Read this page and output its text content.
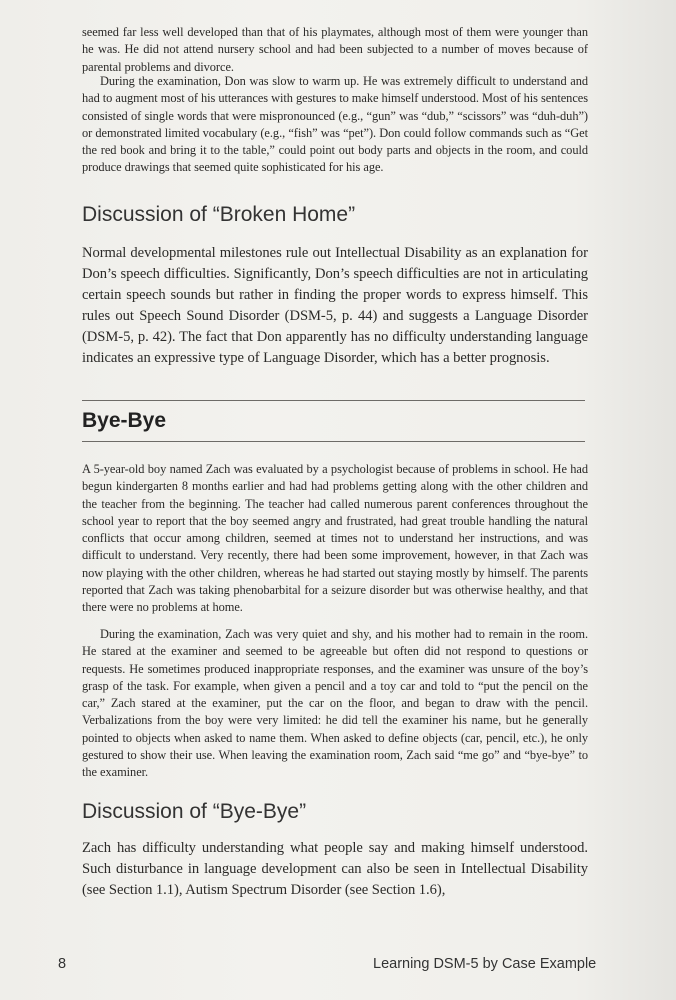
seemed far less well developed than that of his playmates, although most of them were younger than he was. He did not attend nursery school and had been subjected to a number of moves because of parental problems and divorce.

During the examination, Don was slow to warm up. He was extremely difficult to understand and had to augment most of his utterances with gestures to make himself understood. Most of his sentences consisted of single words that were mispronounced (e.g., “gun” was “dub,” “scissors” was “duh-duh”) or demonstrated limited vocabulary (e.g., “fish” was “pet”). Don could follow commands such as “Get the red book and bring it to the table,” could point out body parts and objects in the room, and could produce drawings that seemed quite sophisticated for his age.

Discussion of “Broken Home”

Normal developmental milestones rule out Intellectual Disability as an explanation for Don’s speech difficulties. Significantly, Don’s speech difficulties are not in articulating certain speech sounds but rather in finding the proper words to express himself. This rules out Speech Sound Disorder (DSM-5, p. 44) and suggests a Language Disorder (DSM-5, p. 42). The fact that Don apparently has no difficulty understanding language indicates an expressive type of Language Disorder, which has a better prognosis.

Bye-Bye

A 5-year-old boy named Zach was evaluated by a psychologist because of problems in school. He had begun kindergarten 8 months earlier and had had problems getting along with the other children and the teacher from the beginning. The teacher had called numerous parent conferences throughout the school year to report that the boy seemed angry and frustrated, had great trouble handling the natural conflicts that occur among children, seemed at times not to understand her instructions, and was difficult to understand. Very recently, there had been some improvement, however, in that Zach was now playing with the other children, whereas he had started out staying mostly by himself. The parents reported that Zach was taking phenobarbital for a seizure disorder but was otherwise healthy, and that there were no problems at home.

During the examination, Zach was very quiet and shy, and his mother had to remain in the room. He stared at the examiner and seemed to be agreeable but often did not respond to questions or requests. He sometimes produced inappropriate responses, and the examiner was unsure of the boy’s grasp of the task. For example, when given a pencil and a toy car and told to “put the pencil on the car,” Zach stared at the examiner, put the car on the floor, and began to draw with the pencil. Verbalizations from the boy were very limited: he did tell the examiner his name, but he generally pointed to objects when asked to name them. When asked to define objects (car, pencil, etc.), he only gestured to show their use. When leaving the examination room, Zach said “me go” and “bye-bye” to the examiner.

Discussion of “Bye-Bye”

Zach has difficulty understanding what people say and making himself understood. Such disturbance in language development can also be seen in Intellectual Disability (see Section 1.1), Autism Spectrum Disorder (see Section 1.6),

8	Learning DSM-5 by Case Example
